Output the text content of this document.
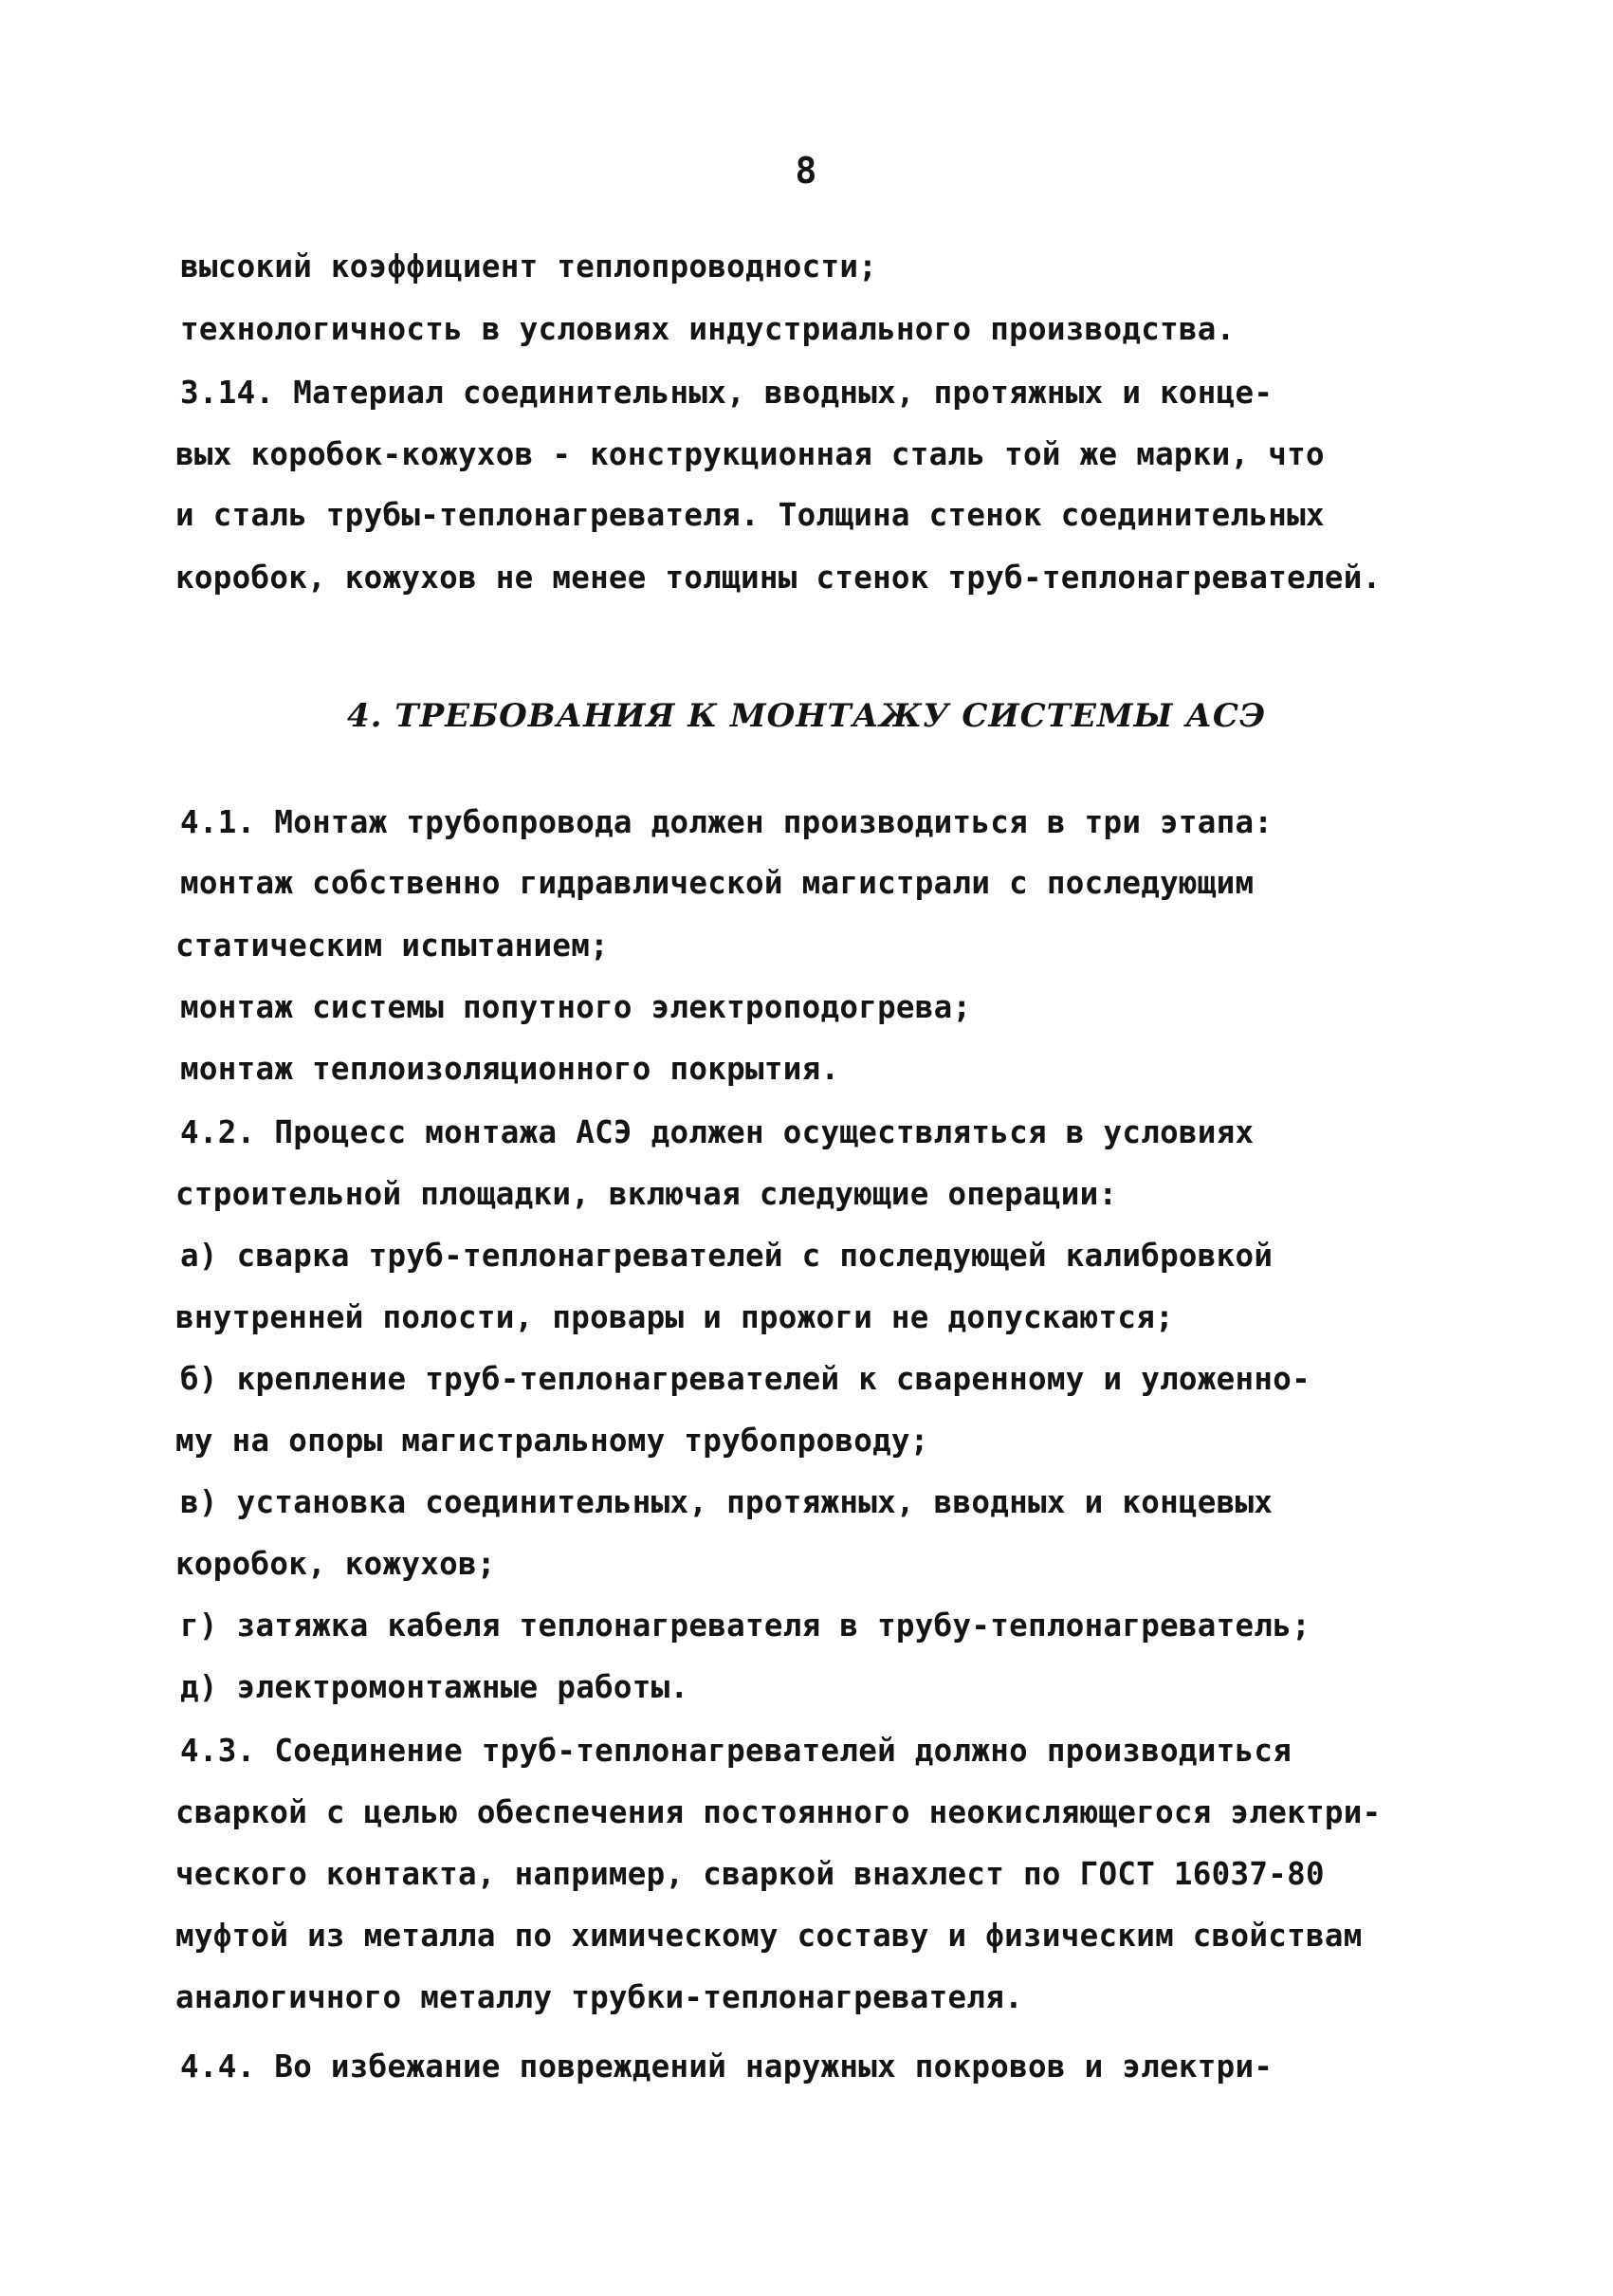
8
высокий коэффициент теплопроводности;
технологичность в условиях индустриального производства.
3.14. Материал соединительных, вводных, протяжных и конце-
вых коробок-кожухов - конструкционная сталь той же марки, что
и сталь трубы-теплонагревателя. Толщина стенок соединительных
коробок, кожухов не менее толщины стенок труб-теплонагревателей.
4. ТРЕБОВАНИЯ К МОНТАЖУ СИСТЕМЫ АСЭ
4.1. Монтаж трубопровода должен производиться в три этапа:
монтаж собственно гидравлической магистрали с последующим
статическим испытанием;
монтаж системы попутного электроподогрева;
монтаж теплоизоляционного покрытия.
4.2. Процесс монтажа АСЭ должен осуществляться в условиях
строительной площадки, включая следующие операции:
а) сварка труб-теплонагревателей с последующей калибровкой
внутренней полости, провары и прожоги не допускаются;
б) крепление труб-теплонагревателей к сваренному и уложенно-
му на опоры магистральному трубопроводу;
в) установка соединительных, протяжных, вводных и концевых
коробок, кожухов;
г) затяжка кабеля теплонагревателя в трубу-теплонагреватель;
д) электромонтажные работы.
4.3. Соединение труб-теплонагревателей должно производиться
сваркой с целью обеспечения постоянного неокисляющегося электри-
ческого контакта, например, сваркой внахлест по ГОСТ 16037-80
муфтой из металла по химическому составу и физическим свойствам
аналогичного металлу трубки-теплонагревателя.
4.4. Во избежание повреждений наружных покровов и электри-
